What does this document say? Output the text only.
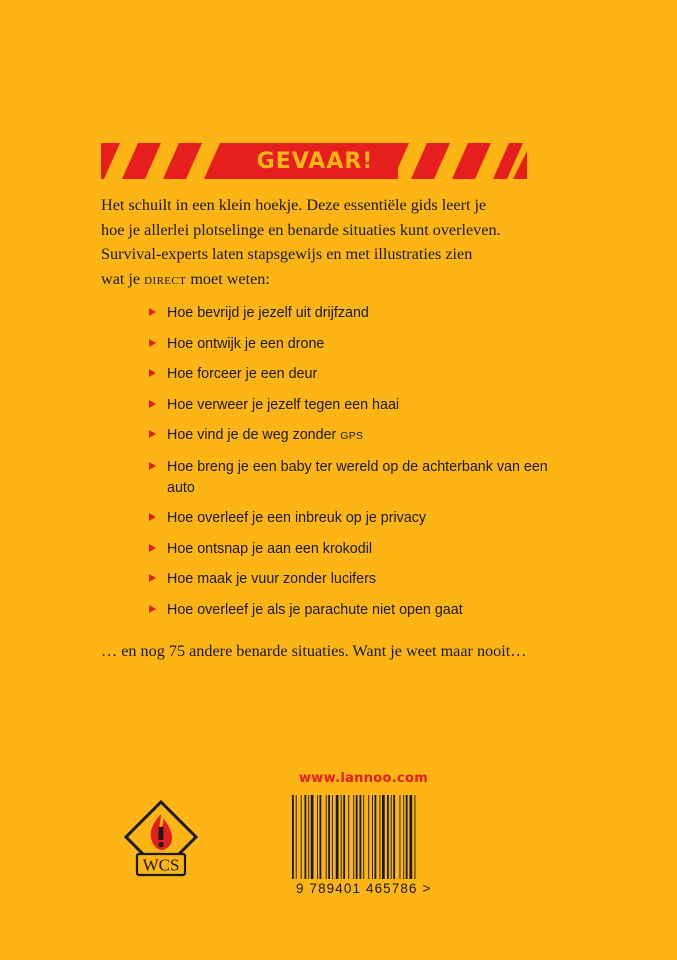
GEVAAR!
Het schuilt in een klein hoekje. Deze essentiële gids leert je
hoe je allerlei plotselinge en benarde situaties kunt overleven.
Survival-experts laten stapsgewijs en met illustraties zien
wat je direct moet weten:
Hoe bevrijd je jezelf uit drijfzand
Hoe ontwijk je een drone
Hoe forceer je een deur
Hoe verweer je jezelf tegen een haai
Hoe vind je de weg zonder GPS
Hoe breng je een baby ter wereld op de achterbank van een auto
Hoe overleef je een inbreuk op je privacy
Hoe ontsnap je aan een krokodil
Hoe maak je vuur zonder lucifers
Hoe overleef je als je parachute niet open gaat
… en nog 75 andere benarde situaties. Want je weet maar nooit…
www.lannoo.com
WCS
9 789401 465786 >
